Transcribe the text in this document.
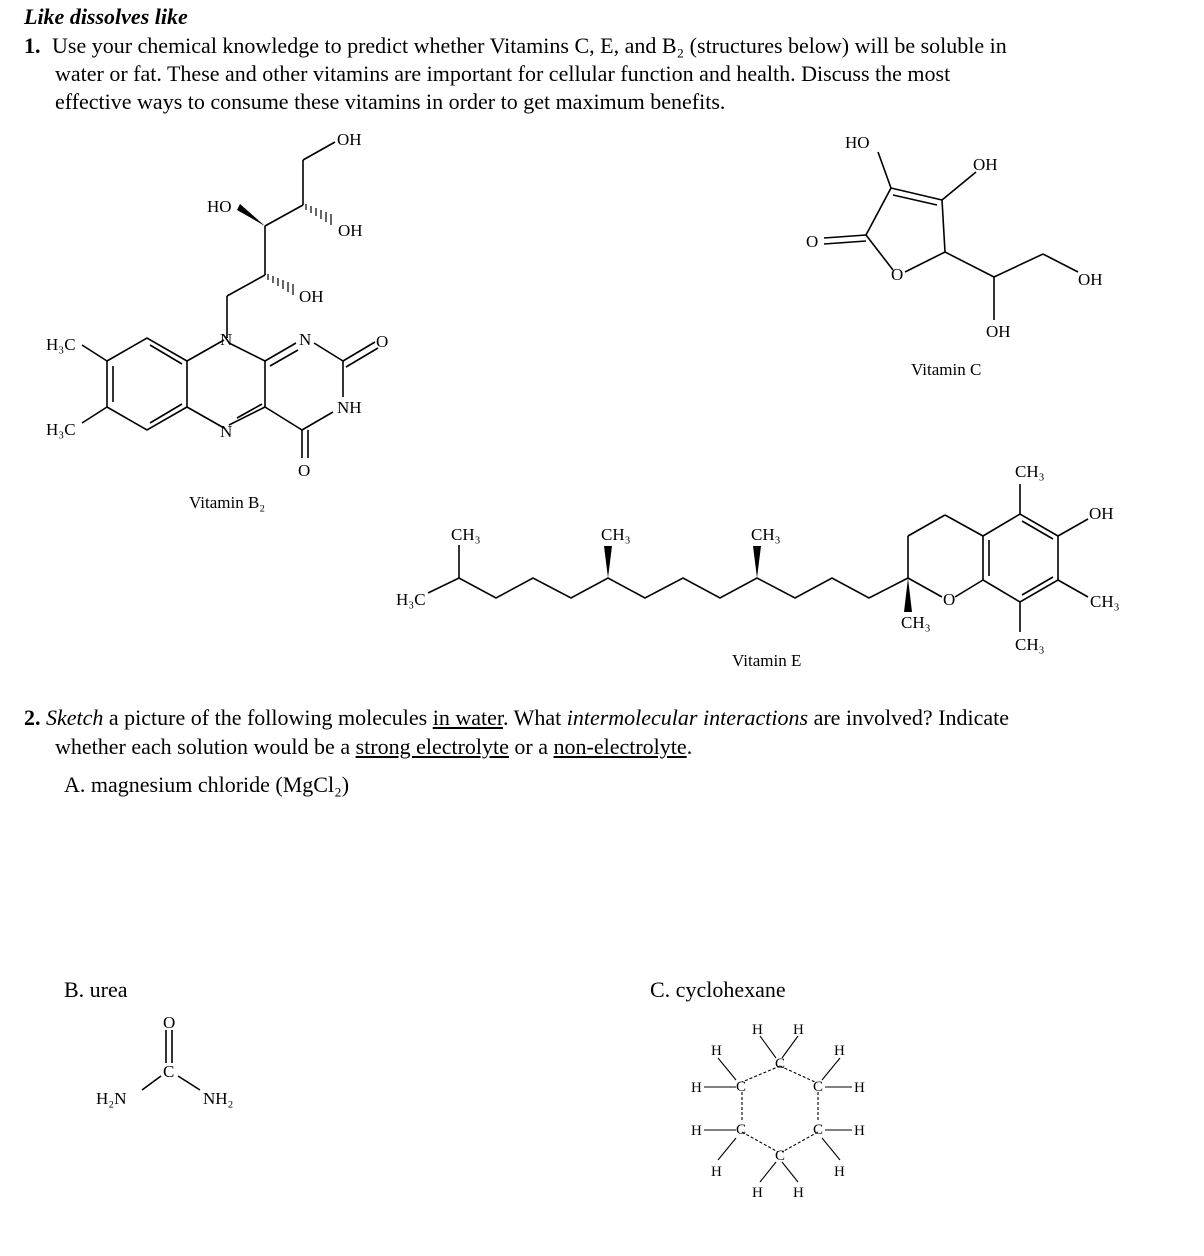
Like dissolves like
1. Use your chemical knowledge to predict whether Vitamins C, E, and B₂ (structures below) will be soluble in
water or fat. These and other vitamins are important for cellular function and health. Discuss the most
effective ways to consume these vitamins in order to get maximum benefits.
OH
HO
OH
OH
H₃C
H₃C
N
N
N	O
NH
O
Vitamin B₂
HO
OH
O
O
OH
OH
Vitamin C
CH₃	CH₃	CH₃
H₃C
CH₃
O
CH₃
OH
CH₃
CH₃
Vitamin E
O
C
H₂N	NH₂
C
C	C
C	C
C
H H
H	H
H	H
H	H
H	H
H H
2. Sketch a picture of the following molecules in water. What intermolecular interactions are involved? Indicate
whether each solution would be a strong electrolyte or a non-electrolyte.
A. magnesium chloride (MgCl₂)
B. urea	C. cyclohexane
